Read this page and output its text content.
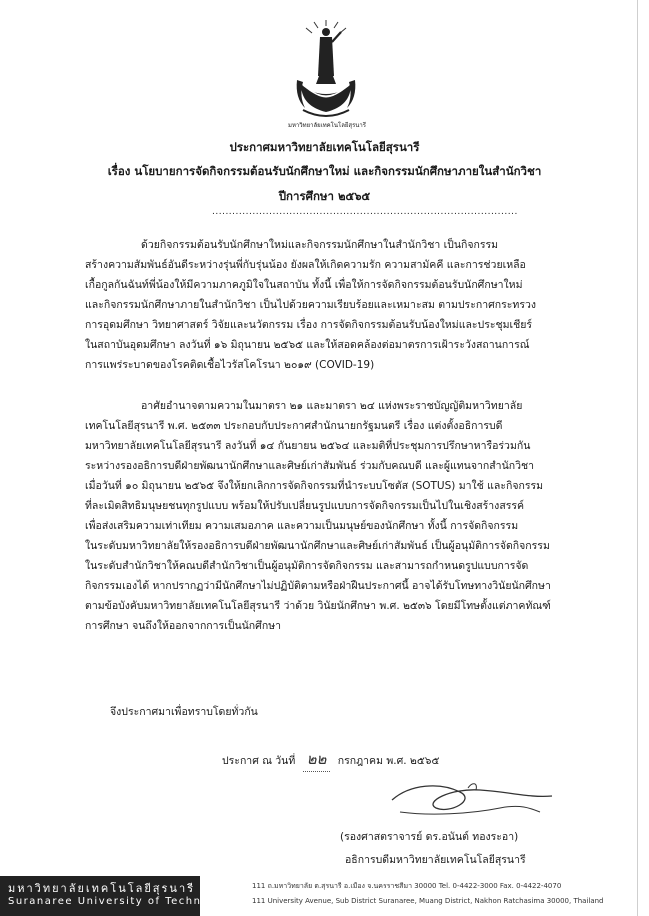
มหาวิทยาลัยเทคโนโลยีสุรนารี
ประกาศมหาวิทยาลัยเทคโนโลยีสุรนารี
เรื่อง นโยบายการจัดกิจกรรมต้อนรับนักศึกษาใหม่ และกิจกรรมนักศึกษาภายในสำนักวิชา
ปีการศึกษา ๒๕๖๕
...........................................................................................
ด้วยกิจกรรมต้อนรับนักศึกษาใหม่และกิจกรรมนักศึกษาในสำนักวิชา เป็นกิจกรรม
สร้างความสัมพันธ์อันดีระหว่างรุ่นพี่กับรุ่นน้อง ยังผลให้เกิดความรัก ความสามัคคี และการช่วยเหลือ
เกื้อกูลกันฉันท์พี่น้องให้มีความภาคภูมิใจในสถาบัน ทั้งนี้ เพื่อให้การจัดกิจกรรมต้อนรับนักศึกษาใหม่
และกิจกรรมนักศึกษาภายในสำนักวิชา เป็นไปด้วยความเรียบร้อยและเหมาะสม ตามประกาศกระทรวง
การอุดมศึกษา วิทยาศาสตร์ วิจัยและนวัตกรรม เรื่อง การจัดกิจกรรมต้อนรับน้องใหม่และประชุมเชียร์
ในสถาบันอุดมศึกษา ลงวันที่ ๑๖ มิถุนายน ๒๕๖๕ และให้สอดคล้องต่อมาตรการเฝ้าระวังสถานการณ์
การแพร่ระบาดของโรคติดเชื้อไวรัสโคโรนา ๒๐๑๙ (COVID-19)
อาศัยอำนาจตามความในมาตรา ๒๑ และมาตรา ๒๔ แห่งพระราชบัญญัติมหาวิทยาลัย
เทคโนโลยีสุรนารี พ.ศ. ๒๕๓๓ ประกอบกับประกาศสำนักนายกรัฐมนตรี เรื่อง แต่งตั้งอธิการบดี
มหาวิทยาลัยเทคโนโลยีสุรนารี ลงวันที่ ๑๔ กันยายน ๒๕๖๔ และมติที่ประชุมการปรึกษาหารือร่วมกัน
ระหว่างรองอธิการบดีฝ่ายพัฒนานักศึกษาและศิษย์เก่าสัมพันธ์ ร่วมกับคณบดี และผู้แทนจากสำนักวิชา
เมื่อวันที่ ๑๐ มิถุนายน ๒๕๖๕ จึงให้ยกเลิกการจัดกิจกรรมที่นำระบบโซตัส (SOTUS) มาใช้ และกิจกรรม
ที่ละเมิดสิทธิมนุษยชนทุกรูปแบบ พร้อมให้ปรับเปลี่ยนรูปแบบการจัดกิจกรรมเป็นไปในเชิงสร้างสรรค์
เพื่อส่งเสริมความเท่าเทียม ความเสมอภาค และความเป็นมนุษย์ของนักศึกษา ทั้งนี้ การจัดกิจกรรม
ในระดับมหาวิทยาลัยให้รองอธิการบดีฝ่ายพัฒนานักศึกษาและศิษย์เก่าสัมพันธ์ เป็นผู้อนุมัติการจัดกิจกรรม
ในระดับสำนักวิชาให้คณบดีสำนักวิชาเป็นผู้อนุมัติการจัดกิจกรรม และสามารถกำหนดรูปแบบการจัด
กิจกรรมเองได้ หากปรากฏว่ามีนักศึกษาไม่ปฏิบัติตามหรือฝ่าฝืนประกาศนี้ อาจได้รับโทษทางวินัยนักศึกษา
ตามข้อบังคับมหาวิทยาลัยเทคโนโลยีสุรนารี ว่าด้วย วินัยนักศึกษา พ.ศ. ๒๕๓๖ โดยมีโทษตั้งแต่ภาคทัณฑ์
การศึกษา จนถึงให้ออกจากการเป็นนักศึกษา
จึงประกาศมาเพื่อทราบโดยทั่วกัน
ประกาศ ณ วันที่ ๒๒ กรกฎาคม พ.ศ. ๒๕๖๕
(รองศาสตราจารย์ ดร.อนันต์ ทองระอา)
อธิการบดีมหาวิทยาลัยเทคโนโลยีสุรนารี
มหาวิทยาลัยเทคโนโลยีสุรนารี
Suranaree University of Technology
111 ถ.มหาวิทยาลัย ต.สุรนารี อ.เมือง จ.นครราชสีมา 30000 Tel. 0-4422-3000 Fax. 0-4422-4070
111 University Avenue, Sub District Suranaree, Muang District, Nakhon Ratchasima 30000, Thailand
